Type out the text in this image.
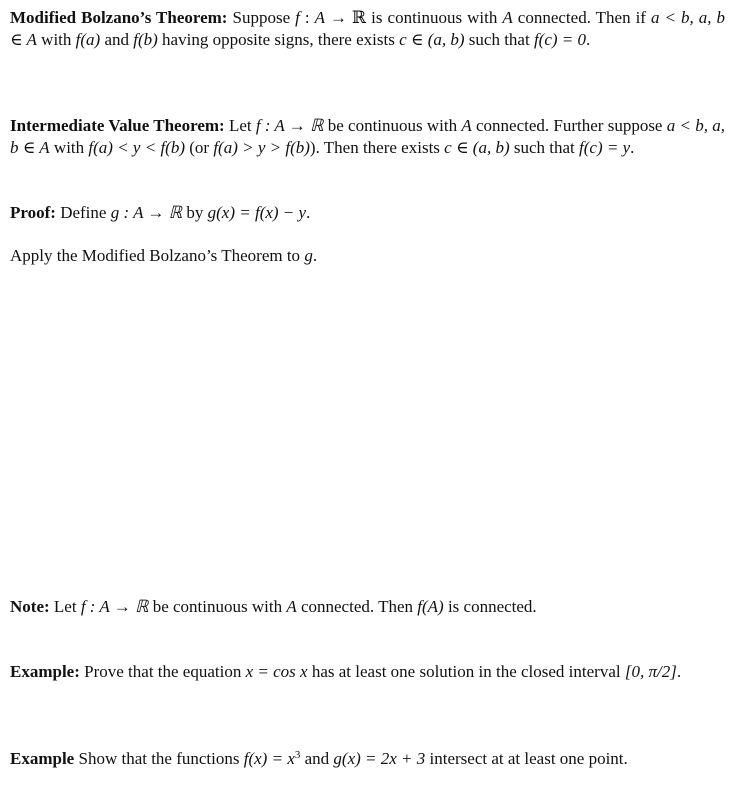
Modified Bolzano’s Theorem: Suppose f : A → ℝ is continuous with A connected. Then if a < b, a, b ∈ A with f(a) and f(b) having opposite signs, there exists c ∈ (a, b) such that f(c) = 0.

Intermediate Value Theorem: Let f : A → ℝ be continuous with A connected. Further suppose a < b, a, b ∈ A with f(a) < y < f(b) (or f(a) > y > f(b)). Then there exists c ∈ (a, b) such that f(c) = y.

Proof: Define g : A → ℝ by g(x) = f(x) − y.

Apply the Modified Bolzano’s Theorem to g.

Note: Let f : A → ℝ be continuous with A connected. Then f(A) is connected.

Example: Prove that the equation x = cos x has at least one solution in the closed interval [0, π/2].

Example Show that the functions $f(x) = x^3$ and g(x) = 2x + 3 intersect at at least one point.
